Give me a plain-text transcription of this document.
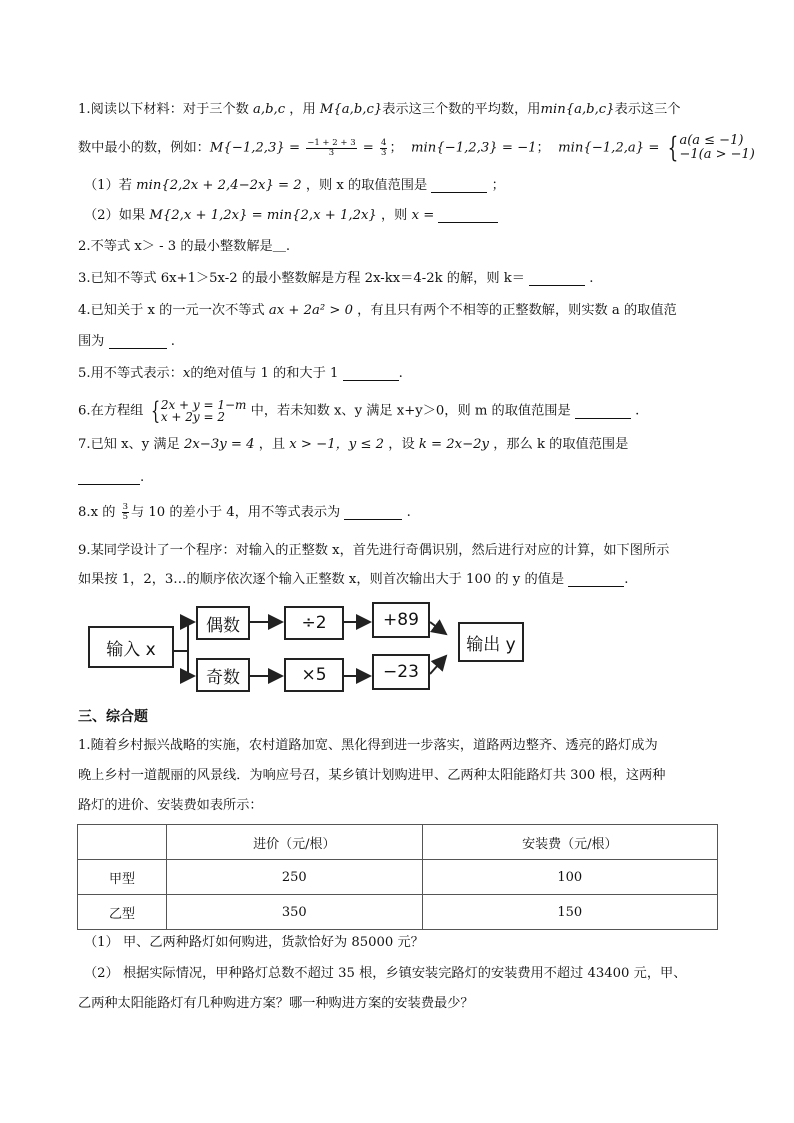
1.阅读以下材料：对于三个数 a,b,c ，用 M{a,b,c}表示这三个数的平均数，用min{a,b,c}表示这三个
数中最小的数，例如：$M\{-1,2,3\} = \frac{-1 + 2 + 3}{3} = \frac{4}{3}$ ； min{−1,2,3} = −1； min{−1,2,a} = { a(a ≤ −1)
−1(a > −1)
（1）若 min{2,2x + 2,4−2x} = 2 ，则 x 的取值范围是	；
（2）如果 M{2,x + 1,2x} = min{2,x + 1,2x} ，则 x =
2.不等式 x＞ - 3 的最小整数解是＿.
3.已知不等式 6x+1＞5x-2 的最小整数解是方程 2x-kx＝4-2k 的解，则 k＝	.
4.已知关于 x 的一元一次不等式 ax + 2a² > 0 ，有且只有两个不相等的正整数解，则实数 a 的取值范
围为	.
5.用不等式表示：x的绝对值与 1 的和大于 1	.
6.在方程组 { 2x + y = 1−m
x + 2y = 2	中，若未知数 x、y 满足 x+y＞0，则 m 的取值范围是	.
7.已知 x、y 满足 2x−3y = 4 ，且 x > −1，y ≤ 2 ，设 k = 2x−2y ，那么 k 的取值范围是
.
8.x 的 $\frac{3}{5}$ 与 10 的差小于 4，用不等式表示为	.
9.某同学设计了一个程序：对输入的正整数 x，首先进行奇偶识别，然后进行对应的计算，如下图所示
如果按 1，2，3…的顺序依次逐个输入正整数 x，则首次输出大于 100 的 y 的值是	.
输入 x
偶数
奇数
÷2
×5
+89
−23
输出 y
三、综合题
1.随着乡村振兴战略的实施，农村道路加宽、黑化得到进一步落实，道路两边整齐、透亮的路灯成为
晚上乡村一道靓丽的风景线．为响应号召，某乡镇计划购进甲、乙两种太阳能路灯共 300 根，这两种
路灯的进价、安装费如表所示：
	进价（元/根）	安装费（元/根）
甲型	250	100
乙型	350	150
（1） 甲、乙两种路灯如何购进，货款恰好为 85000 元？
（2） 根据实际情况，甲种路灯总数不超过 35 根，乡镇安装完路灯的安装费用不超过 43400 元，甲、
乙两种太阳能路灯有几种购进方案？哪一种购进方案的安装费最少？
